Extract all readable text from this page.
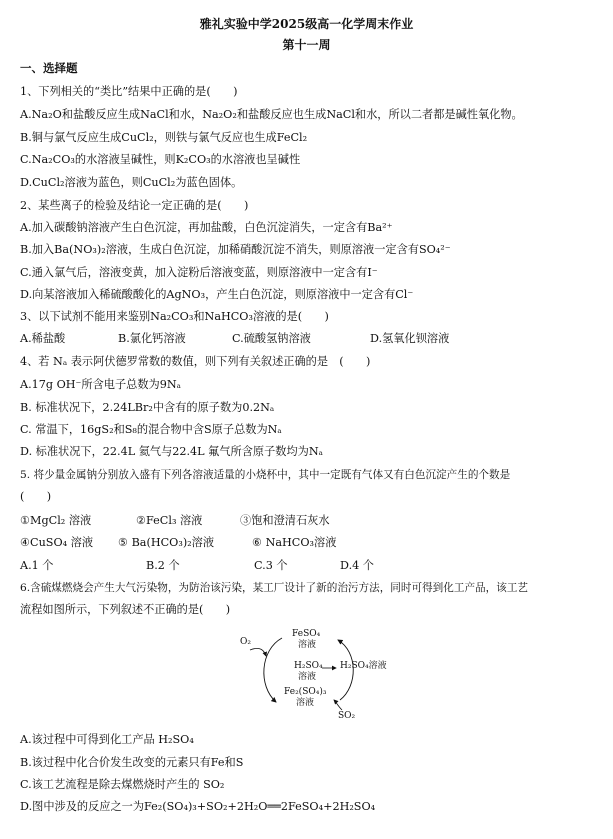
雅礼实验中学2025级高一化学周末作业
第十一周
一、选择题
1、下列相关的“类比”结果中正确的是(　　)
A.Na₂O和盐酸反应生成NaCl和水，Na₂O₂和盐酸反应也生成NaCl和水，所以二者都是碱性氧化物。
B.铜与氯气反应生成CuCl₂，则铁与氯气反应也生成FeCl₂
C.Na₂CO₃的水溶液呈碱性，则K₂CO₃的水溶液也呈碱性
D.CuCl₂溶液为蓝色，则CuCl₂为蓝色固体。
2、某些离子的检验及结论一定正确的是(　　)
A.加入碳酸钠溶液产生白色沉淀，再加盐酸，白色沉淀消失，一定含有Ba²⁺
B.加入Ba(NO₃)₂溶液，生成白色沉淀，加稀硝酸沉淀不消失，则原溶液一定含有SO₄²⁻
C.通入氯气后，溶液变黄，加入淀粉后溶液变蓝，则原溶液中一定含有I⁻
D.向某溶液加入稀硫酸酸化的AgNO₃，产生白色沉淀，则原溶液中一定含有Cl⁻
3、以下试剂不能用来鉴别Na₂CO₃和NaHCO₃溶液的是(　　)
A.稀盐酸	B.氯化钙溶液	C.硫酸氢钠溶液	D.氢氧化钡溶液
4、若 Nₐ 表示阿伏德罗常数的数值，则下列有关叙述正确的是　(　　)
A.17g OH⁻所含电子总数为9Nₐ
B. 标准状况下，2.24LBr₂中含有的原子数为0.2Nₐ
C. 常温下，16gS₂和S₈的混合物中含S原子总数为Nₐ
D. 标准状况下，22.4L 氦气与22.4L 氟气所含原子数均为Nₐ
5. 将少量金属钠分别放入盛有下列各溶液适量的小烧杯中，其中一定既有气体又有白色沉淀产生的个数是
(　　)
①MgCl₂ 溶液	②FeCl₃ 溶液	③饱和澄清石灰水
④CuSO₄ 溶液 ⑤ Ba(HCO₃)₂溶液	⑥ NaHCO₃溶液
A.1 个	B.2 个	C.3 个	D.4 个
6.含硫煤燃烧会产生大气污染物，为防治该污染，某工厂设计了新的治污方法，同时可得到化工产品，该工艺
流程如图所示，下列叙述不正确的是(　　)
O₂
FeSO₄
溶液
H₂SO₄
溶液
H₂SO₄溶液
Fe₂(SO₄)₃
溶液
SO₂
A.该过程中可得到化工产品 H₂SO₄
B.该过程中化合价发生改变的元素只有Fe和S
C.该工艺流程是除去煤燃烧时产生的 SO₂
D.图中涉及的反应之一为Fe₂(SO₄)₃+SO₂+2H₂O══2FeSO₄+2H₂SO₄
